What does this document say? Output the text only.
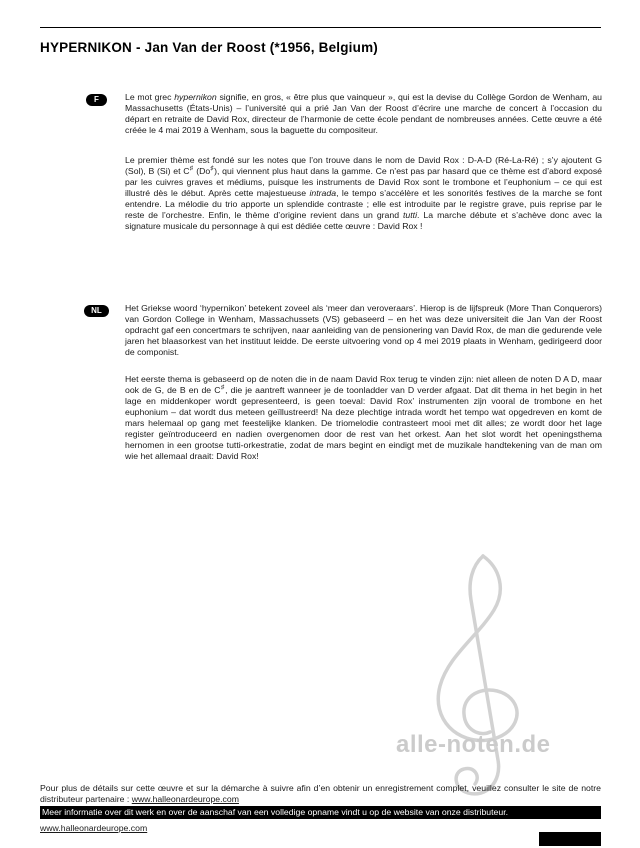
HYPERNIKON - Jan Van der Roost (*1956, Belgium)
F	Le mot grec hypernikon signifie, en gros, « être plus que vainqueur », qui est la devise du Collège Gordon de Wenham, au Massachusetts (États-Unis) – l’université qui a prié Jan Van der Roost d’écrire une marche de concert à l’occasion du départ en retraite de David Rox, directeur de l’harmonie de cette école pendant de nombreuses années. Cette œuvre a été créée le 4 mai 2019 à Wenham, sous la baguette du compositeur.
Le premier thème est fondé sur les notes que l’on trouve dans le nom de David Rox : D-A-D (Ré-La-Ré) ; s’y ajoutent G (Sol), B (Si) et C♯ (Do♯), qui viennent plus haut dans la gamme. Ce n’est pas par hasard que ce thème est d’abord exposé par les cuivres graves et médiums, puisque les instruments de David Rox sont le trombone et l’euphonium – ce qui est illustré dès le début. Après cette majestueuse intrada, le tempo s’accélère et les sonorités festives de la marche se font entendre. La mélodie du trio apporte un splendide contraste ; elle est introduite par le registre grave, puis reprise par le reste de l’orchestre. Enfin, le thème d’origine revient dans un grand tutti. La marche débute et s’achève donc avec la signature musicale du personnage à qui est dédiée cette œuvre : David Rox !
NL	Het Griekse woord ‘hypernikon’ betekent zoveel als ‘meer dan veroveraars’. Hierop is de lijfspreuk (More Than Conquerors) van Gordon College in Wenham, Massachussets (VS) gebaseerd – en het was deze universiteit die Jan Van der Roost opdracht gaf een concertmars te schrijven, naar aanleiding van de pensionering van David Rox, de man die gedurende vele jaren het blaasorkest van het instituut leidde. De eerste uitvoering vond op 4 mei 2019 plaats in Wenham, gedirigeerd door de componist.
Het eerste thema is gebaseerd op de noten die in de naam David Rox terug te vinden zijn: niet alleen de noten D A D, maar ook de G, de B en de C♯, die je aantreft wanneer je de toonladder van D verder afgaat. Dat dit thema in het begin in het lage en middenkoper wordt gepresenteerd, is geen toeval: David Rox’ instrumenten zijn vooral de trombone en het euphonium – dat wordt dus meteen geïllustreerd! Na deze plechtige intrada wordt het tempo wat opgedreven en komt de mars helemaal op gang met feestelijke klanken. De triomelodie contrasteert mooi met dit alles; ze wordt door het lage register geïntroduceerd en nadien overgenomen door de rest van het orkest. Aan het slot wordt het openingsthema hernomen in een grootse tutti-orkestratie, zodat de mars begint en eindigt met de muzikale handtekening van de man om wie het allemaal draait: David Rox!
alle-noten.de
Pour plus de détails sur cette œuvre et sur la démarche à suivre afin d’en obtenir un enregistrement complet, veuillez consulter le site de notre distributeur partenaire : www.halleonardeurope.com
Meer informatie over dit werk en over de aanschaf van een volledige opname vindt u op de website van onze distributeur.
www.halleonardeurope.com
